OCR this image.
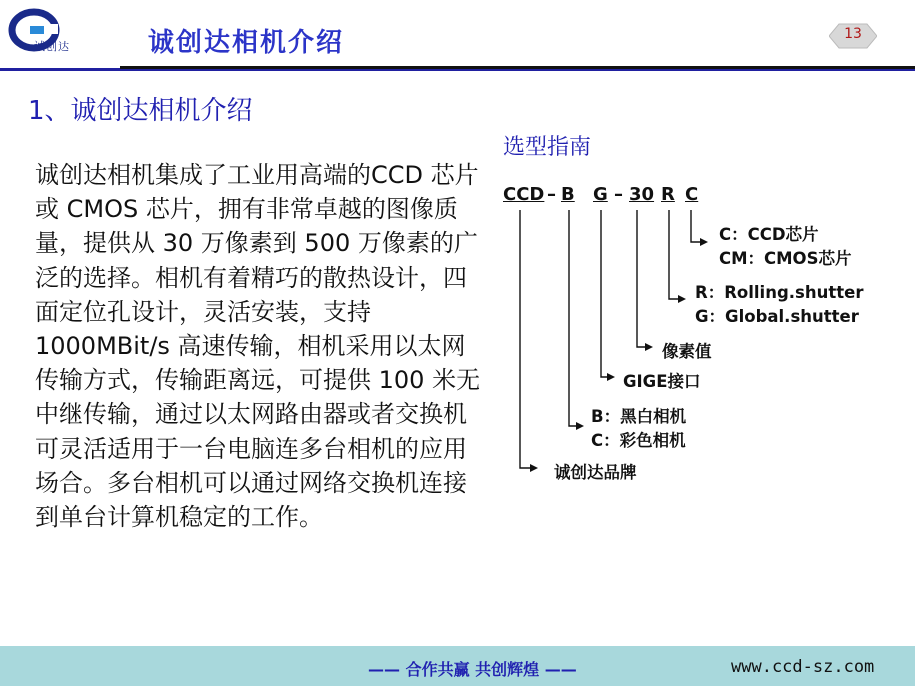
诚创达	诚创达相机介绍	13
1、诚创达相机介绍
诚创达相机集成了工业用高端的CCD 芯片或 CMOS 芯片，拥有非常卓越的图像质量，提供从 30 万像素到 500 万像素的广泛的选择。相机有着精巧的散热设计，四面定位孔设计，灵活安装，支持 1000MBit/s 高速传输，相机采用以太网传输方式，传输距离远，可提供 100 米无中继传输，通过以太网路由器或者交换机可灵活适用于一台电脑连多台相机的应用场合。多台相机可以通过网络交换机连接到单台计算机稳定的工作。
选型指南
CCD – B G – 30 R C
C：CCD芯片
CM：CMOS芯片
R：Rolling.shutter
G：Global.shutter
像素值
GIGE接口
B：黑白相机
C：彩色相机
诚创达品牌
—— 合作共赢 共创辉煌 ——	www.ccd-sz.com
